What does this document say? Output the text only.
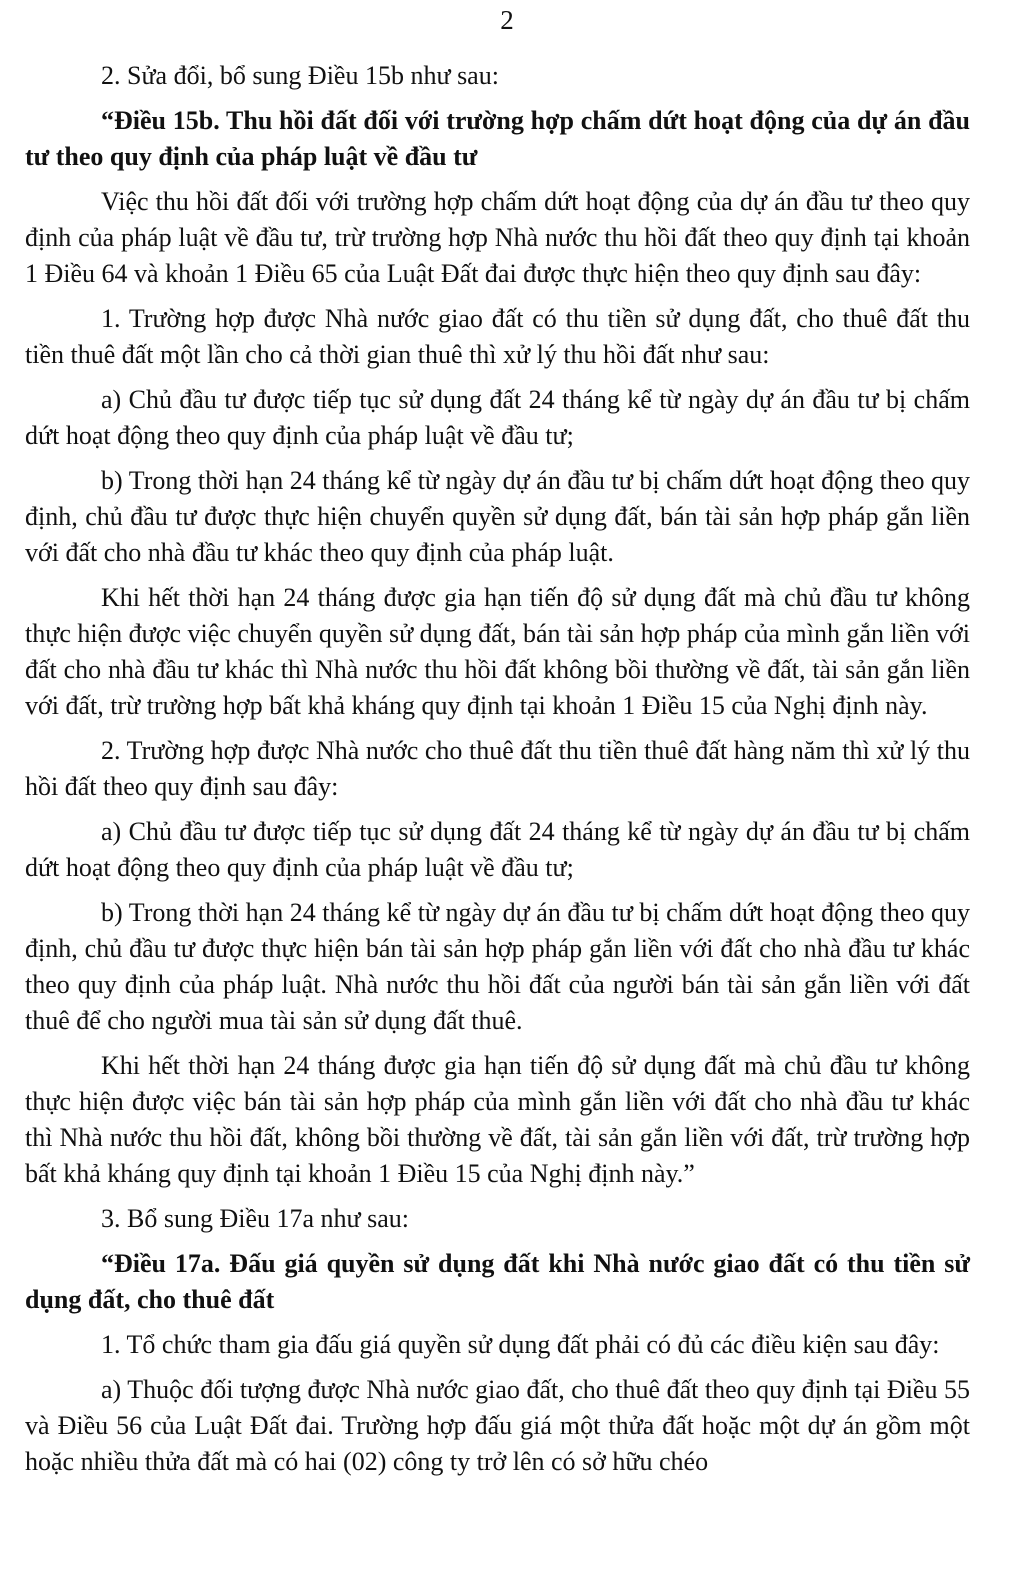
2

2. Sửa đổi, bổ sung Điều 15b như sau:

“Điều 15b. Thu hồi đất đối với trường hợp chấm dứt hoạt động của dự án đầu tư theo quy định của pháp luật về đầu tư

Việc thu hồi đất đối với trường hợp chấm dứt hoạt động của dự án đầu tư theo quy định của pháp luật về đầu tư, trừ trường hợp Nhà nước thu hồi đất theo quy định tại khoản 1 Điều 64 và khoản 1 Điều 65 của Luật Đất đai được thực hiện theo quy định sau đây:

1. Trường hợp được Nhà nước giao đất có thu tiền sử dụng đất, cho thuê đất thu tiền thuê đất một lần cho cả thời gian thuê thì xử lý thu hồi đất như sau:

a) Chủ đầu tư được tiếp tục sử dụng đất 24 tháng kể từ ngày dự án đầu tư bị chấm dứt hoạt động theo quy định của pháp luật về đầu tư;

b) Trong thời hạn 24 tháng kể từ ngày dự án đầu tư bị chấm dứt hoạt động theo quy định, chủ đầu tư được thực hiện chuyển quyền sử dụng đất, bán tài sản hợp pháp gắn liền với đất cho nhà đầu tư khác theo quy định của pháp luật.

Khi hết thời hạn 24 tháng được gia hạn tiến độ sử dụng đất mà chủ đầu tư không thực hiện được việc chuyển quyền sử dụng đất, bán tài sản hợp pháp của mình gắn liền với đất cho nhà đầu tư khác thì Nhà nước thu hồi đất không bồi thường về đất, tài sản gắn liền với đất, trừ trường hợp bất khả kháng quy định tại khoản 1 Điều 15 của Nghị định này.

2. Trường hợp được Nhà nước cho thuê đất thu tiền thuê đất hàng năm thì xử lý thu hồi đất theo quy định sau đây:

a) Chủ đầu tư được tiếp tục sử dụng đất 24 tháng kể từ ngày dự án đầu tư bị chấm dứt hoạt động theo quy định của pháp luật về đầu tư;

b) Trong thời hạn 24 tháng kể từ ngày dự án đầu tư bị chấm dứt hoạt động theo quy định, chủ đầu tư được thực hiện bán tài sản hợp pháp gắn liền với đất cho nhà đầu tư khác theo quy định của pháp luật. Nhà nước thu hồi đất của người bán tài sản gắn liền với đất thuê để cho người mua tài sản sử dụng đất thuê.

Khi hết thời hạn 24 tháng được gia hạn tiến độ sử dụng đất mà chủ đầu tư không thực hiện được việc bán tài sản hợp pháp của mình gắn liền với đất cho nhà đầu tư khác thì Nhà nước thu hồi đất, không bồi thường về đất, tài sản gắn liền với đất, trừ trường hợp bất khả kháng quy định tại khoản 1 Điều 15 của Nghị định này.”

3. Bổ sung Điều 17a như sau:

“Điều 17a. Đấu giá quyền sử dụng đất khi Nhà nước giao đất có thu tiền sử dụng đất, cho thuê đất

1. Tổ chức tham gia đấu giá quyền sử dụng đất phải có đủ các điều kiện sau đây:

a) Thuộc đối tượng được Nhà nước giao đất, cho thuê đất theo quy định tại Điều 55 và Điều 56 của Luật Đất đai. Trường hợp đấu giá một thửa đất hoặc một dự án gồm một hoặc nhiều thửa đất mà có hai (02) công ty trở lên có sở hữu chéo
